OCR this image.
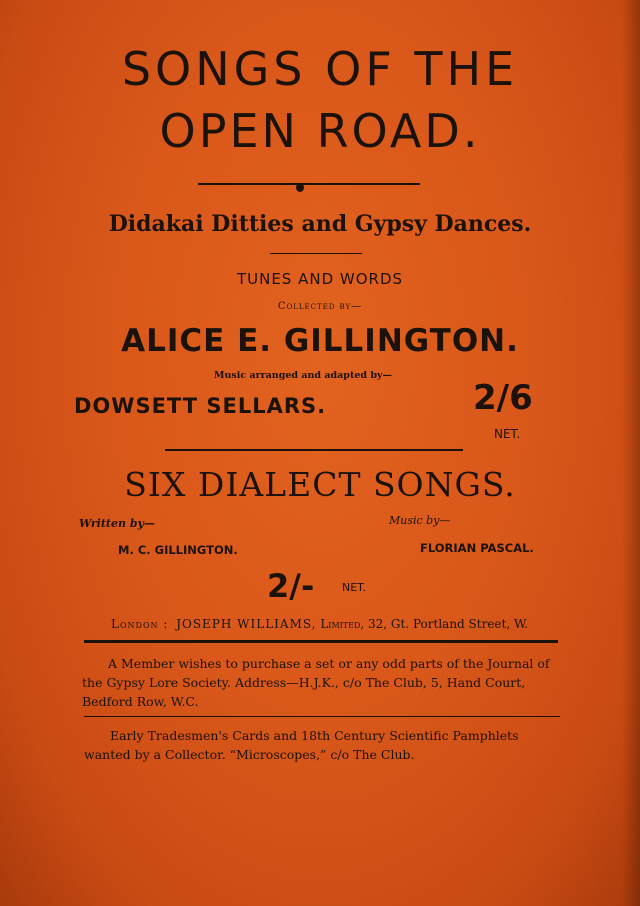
SONGS OF THE
OPEN ROAD.
Didakai Ditties and Gypsy Dances.
TUNES AND WORDS
Collected by—
ALICE E. GILLINGTON.
Music arranged and adapted by—
DOWSETT SELLARS.	2/6
NET.
SIX DIALECT SONGS.
Written by—	Music by—
M. C. GILLINGTON.	FLORIAN PASCAL.
2/-	NET.
London : JOSEPH WILLIAMS, Limited, 32, Gt. Portland Street, W.
A Member wishes to purchase a set or any odd parts of the Journal of
the Gypsy Lore Society. Address—H.J.K., c/o The Club, 5, Hand Court,
Bedford Row, W.C.
Early Tradesmen's Cards and 18th Century Scientific Pamphlets
wanted by a Collector. “Microscopes,” c/o The Club.
